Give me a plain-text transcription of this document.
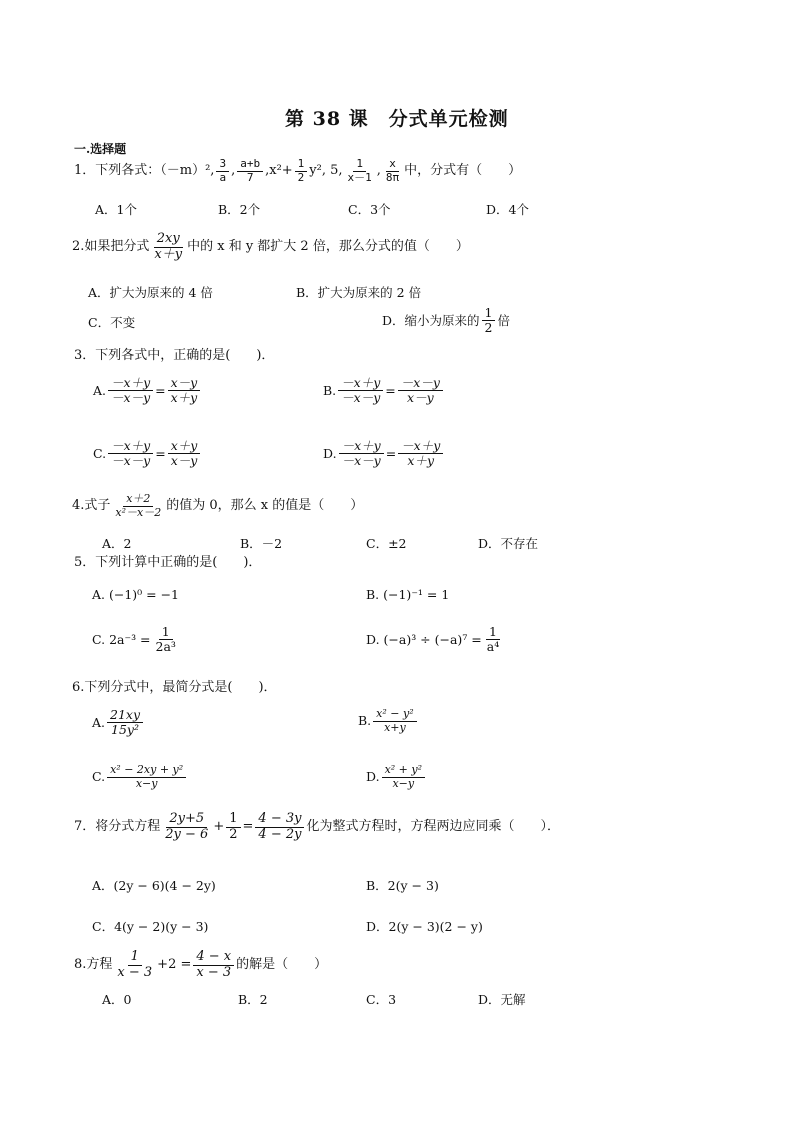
第 38 课　分式单元检测
一.选择题
1．下列各式：（－m）², $\frac{3}{a}$ , $\frac{a+b}{7}$ , $x^2+ \frac{1}{2} y^2$, 5, $\frac{1}{x-1}$ , $\frac{x}{8\pi}$ 中，分式有（　　）
A．1个	B．2个	C．3个	D．4个
2.如果把分式 $\frac{2xy}{x+y}$ 中的 x 和 y 都扩大 2 倍，那么分式的值（　　）
A．扩大为原来的 4 倍	B．扩大为原来的 2 倍
C．不变	D．缩小为原来的 $\frac{1}{2}$ 倍
3．下列各式中，正确的是(　　)．
A. $\frac{-x+y}{-x-y} = \frac{x-y}{x+y}$	B. $\frac{-x+y}{-x-y} = \frac{-x-y}{x-y}$
C. $\frac{-x+y}{-x-y} = \frac{x+y}{x-y}$	D. $\frac{-x+y}{-x-y} = \frac{-x+y}{x+y}$
4.式子 $\frac{x+2}{\text{x²－x－2}}$ 的值为 0，那么 x 的值是（　　）
A．2	B．－2	C．±2	D．不存在
5．下列计算中正确的是(　　)．
A. (−1)⁰ = −1	B. (−1)⁻¹ = 1
C. $2a^{-3} = \frac{1}{\text{2a³}}$	D. $(-a)^3 \div (-a)^7 = \frac{1}{\text{a⁴}}$
6.下列分式中，最简分式是(　　)．
A. $\frac{21xy}{\text{15y²}}$	B. $\frac{\text{x² − y²}}{x+y}$
C. $\frac{\text{x² − 2xy + y²}}{x-y}$	D. $\frac{\text{x² + y²}}{x-y}$
7．将分式方程 $\frac{2y+5}{2y - 6} + \frac{1}{2} = \frac{4 - 3y}{4 - 2y}$ 化为整式方程时，方程两边应同乘（　　）．
A．(2y − 6)(4 − 2y)	B．2(y − 3)
C．4(y − 2)(y − 3)	D．2(y − 3)(2 − y)
8.方程 $\frac{1}{x - 3} +2 = \frac{4 - x}{x - 3}$ 的解是（　　）
A．0	B．2	C．3	D．无解
